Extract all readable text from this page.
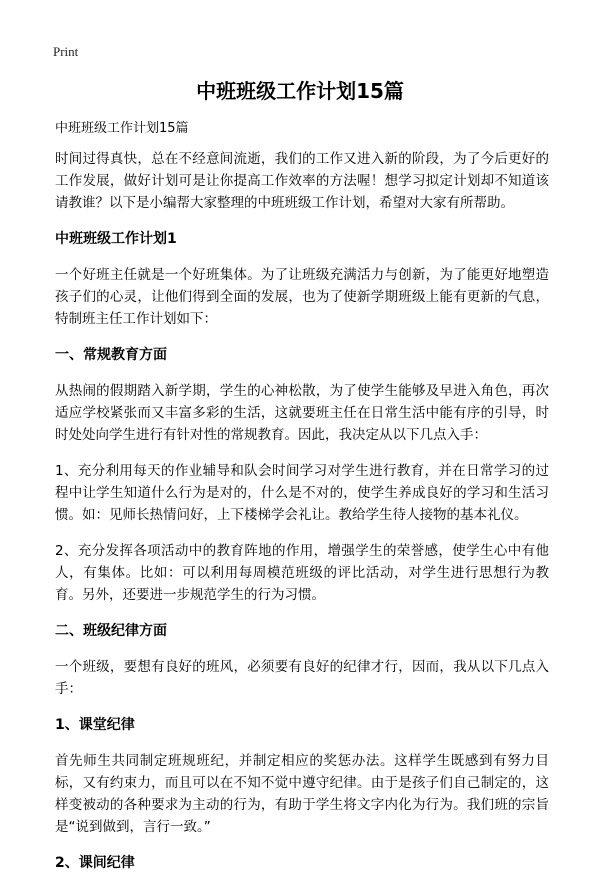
Print
中班班级工作计划15篇

中班班级工作计划15篇

时间过得真快，总在不经意间流逝，我们的工作又进入新的阶段，为了今后更好的工作发展，做好计划可是让你提高工作效率的方法喔！想学习拟定计划却不知道该请教谁？以下是小编帮大家整理的中班班级工作计划，希望对大家有所帮助。

中班班级工作计划1

一个好班主任就是一个好班集体。为了让班级充满活力与创新，为了能更好地塑造孩子们的心灵，让他们得到全面的发展，也为了使新学期班级上能有更新的气息，特制班主任工作计划如下：

一、常规教育方面

从热闹的假期踏入新学期，学生的心神松散，为了使学生能够及早进入角色，再次适应学校紧张而又丰富多彩的生活，这就要班主任在日常生活中能有序的引导，时时处处向学生进行有针对性的常规教育。因此，我决定从以下几点入手：

1、充分利用每天的作业辅导和队会时间学习对学生进行教育，并在日常学习的过程中让学生知道什么行为是对的，什么是不对的，使学生养成良好的学习和生活习惯。如：见师长热情问好，上下楼梯学会礼让。教给学生待人接物的基本礼仪。

2、充分发挥各项活动中的教育阵地的作用，增强学生的荣誉感，使学生心中有他人，有集体。比如：可以利用每周模范班级的评比活动，对学生进行思想行为教育。另外，还要进一步规范学生的行为习惯。

二、班级纪律方面

一个班级，要想有良好的班风，必须要有良好的纪律才行，因而，我从以下几点入手：

1、课堂纪律

首先师生共同制定班规班纪，并制定相应的奖惩办法。这样学生既感到有努力目标，又有约束力，而且可以在不知不觉中遵守纪律。由于是孩子们自己制定的，这样变被动的各种要求为主动的行为，有助于学生将文字内化为行为。我们班的宗旨是“说到做到，言行一致。”

2、课间纪律
